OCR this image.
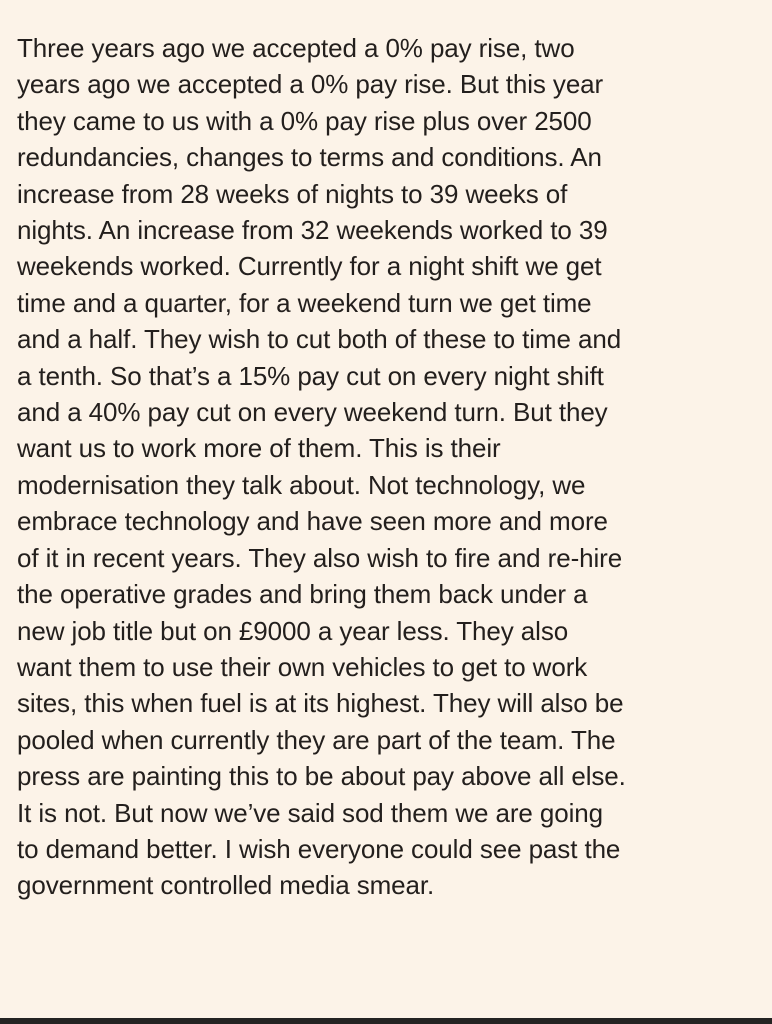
Three years ago we accepted a 0% pay rise, two
years ago we accepted a 0% pay rise. But this year
they came to us with a 0% pay rise plus over 2500
redundancies, changes to terms and conditions. An
increase from 28 weeks of nights to 39 weeks of
nights. An increase from 32 weekends worked to 39
weekends worked. Currently for a night shift we get
time and a quarter, for a weekend turn we get time
and a half. They wish to cut both of these to time and
a tenth. So that’s a 15% pay cut on every night shift
and a 40% pay cut on every weekend turn. But they
want us to work more of them. This is their
modernisation they talk about. Not technology, we
embrace technology and have seen more and more
of it in recent years. They also wish to fire and re-hire
the operative grades and bring them back under a
new job title but on £9000 a year less. They also
want them to use their own vehicles to get to work
sites, this when fuel is at its highest. They will also be
pooled when currently they are part of the team. The
press are painting this to be about pay above all else.
It is not. But now we’ve said sod them we are going
to demand better. I wish everyone could see past the
government controlled media smear.
